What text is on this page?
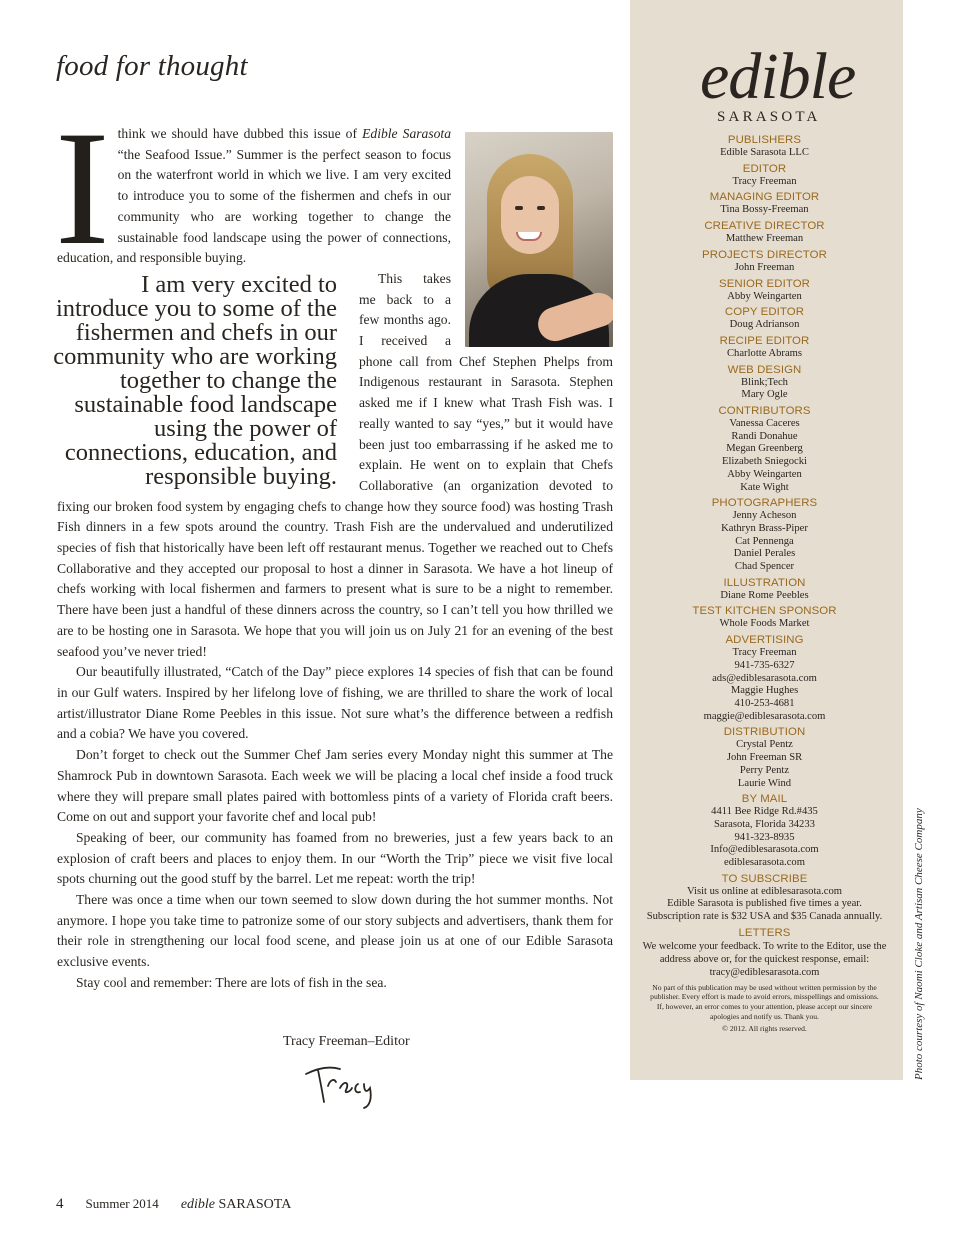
food for thought

I think we should have dubbed this issue of Edible Sarasota “the Seafood Issue.” Summer is the perfect season to focus on the waterfront world in which we live. I am very excited to introduce you to some of the fishermen and chefs in our community who are working together to change the sustainable food landscape using the power of connections, education, and responsible buying.

I am very excited to introduce you to some of the fishermen and chefs in our community who are working together to change the sustainable food landscape using the power of connections, education, and responsible buying.
This takes me back to a few months ago. I received a phone call from Chef Stephen Phelps from Indigenous restaurant in Sarasota. Stephen asked me if I knew what Trash Fish was. I really wanted to say “yes,” but it would have been just too embarrassing if he asked me to explain. He went on to explain that Chefs Collaborative (an organization devoted to fixing our broken food system by engaging chefs to change how they source food) was hosting Trash Fish dinners in a few spots around the country. Trash Fish are the undervalued and underutilized species of fish that historically have been left off restaurant menus. Together we reached out to Chefs Collaborative and they accepted our proposal to host a dinner in Sarasota. We have a hot lineup of chefs working with local fishermen and farmers to present what is sure to be a night to remember. There have been just a handful of these dinners across the country, so I can’t tell you how thrilled we are to be hosting one in Sarasota. We hope that you will join us on July 21 for an evening of the best seafood you’ve never tried!

Our beautifully illustrated, “Catch of the Day” piece explores 14 species of fish that can be found in our Gulf waters. Inspired by her lifelong love of fishing, we are thrilled to share the work of local artist/illustrator Diane Rome Peebles in this issue. Not sure what’s the difference between a redfish and a cobia? We have you covered.

Don’t forget to check out the Summer Chef Jam series every Monday night this summer at The Shamrock Pub in downtown Sarasota. Each week we will be placing a local chef inside a food truck where they will prepare small plates paired with bottomless pints of a variety of Florida craft beers. Come on out and support your favorite chef and local pub!

Speaking of beer, our community has foamed from no breweries, just a few years back to an explosion of craft beers and places to enjoy them. In our “Worth the Trip” piece we visit five local spots churning out the good stuff by the barrel. Let me repeat: worth the trip!

There was once a time when our town seemed to slow down during the hot summer months. Not anymore. I hope you take time to patronize some of our story subjects and advertisers, thank them for their role in strengthening our local food scene, and please join us at one of our Edible Sarasota exclusive events.

Stay cool and remember: There are lots of fish in the sea.

Tracy Freeman–Editor
4 Summer 2014 edible SARASOTA
edible
SARASOTA
PUBLISHERS
Edible Sarasota LLC
EDITOR
Tracy Freeman
MANAGING EDITOR
Tina Bossy-Freeman
CREATIVE DIRECTOR
Matthew Freeman
PROJECTS DIRECTOR
John Freeman
SENIOR EDITOR
Abby Weingarten
COPY EDITOR
Doug Adrianson
RECIPE EDITOR
Charlotte Abrams
WEB DESIGN
Blink;Tech
Mary Ogle
CONTRIBUTORS
Vanessa Caceres
Randi Donahue
Megan Greenberg
Elizabeth Sniegocki
Abby Weingarten
Kate Wight
PHOTOGRAPHERS
Jenny Acheson
Kathryn Brass-Piper
Cat Pennenga
Daniel Perales
Chad Spencer
ILLUSTRATION
Diane Rome Peebles
TEST KITCHEN SPONSOR
Whole Foods Market
ADVERTISING
Tracy Freeman
941-735-6327
ads@ediblesarasota.com
Maggie Hughes
410-253-4681
maggie@ediblesarasota.com
DISTRIBUTION
Crystal Pentz
John Freeman SR
Perry Pentz
Laurie Wind
BY MAIL
4411 Bee Ridge Rd.#435
Sarasota, Florida 34233
941-323-8935
Info@ediblesarasota.com
ediblesarasota.com
TO SUBSCRIBE
Visit us online at ediblesarasota.com
Edible Sarasota is published five times a year.
Subscription rate is $32 USA and $35 Canada annually.
LETTERS
We welcome your feedback. To write to the Editor, use the address above or, for the quickest response, email: tracy@ediblesarasota.com
No part of this publication may be used without written permission by the publisher. Every effort is made to avoid errors, misspellings and omissions. If, however, an error comes to your attention, please accept our sincere apologies and notify us. Thank you.
© 2012. All rights reserved.	Photo courtesy of Naomi Cloke and Artisan Cheese Company
